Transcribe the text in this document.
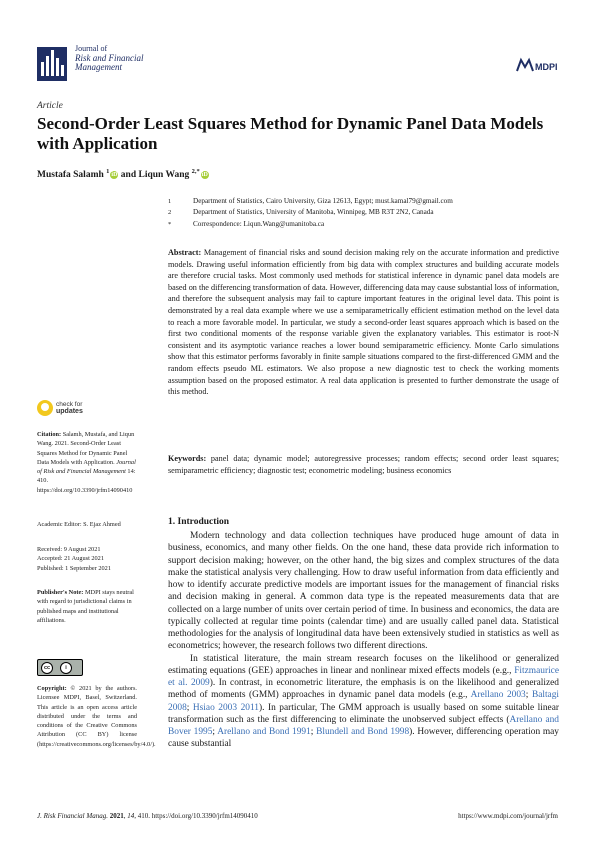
Journal of
Risk and Financial
Management	MDPI
Article
Second-Order Least Squares Method for Dynamic Panel Data Models with Application
Mustafa Salamh $^1$ iD and Liqun Wang $^{2,*}$ iD
1	Department of Statistics, Cairo University, Giza 12613, Egypt; must.kamal79@gmail.com
2	Department of Statistics, University of Manitoba, Winnipeg, MB R3T 2N2, Canada
*	Correspondence: Liqun.Wang@umanitoba.ca
Abstract: Management of financial risks and sound decision making rely on the accurate information and predictive models. Drawing useful information efficiently from big data with complex structures and building accurate models are therefore crucial tasks. Most commonly used methods for statistical inference in dynamic panel data models are based on the differencing transformation of data. However, differencing data may cause substantial loss of information, and therefore the subsequent analysis may fail to capture important features in the original level data. This point is demonstrated by a real data example where we use a semiparametrically efficient estimation method on the level data to reach a more favorable model. In particular, we study a second-order least squares approach which is based on the first two conditional moments of the response variable given the explanatory variables. This estimator is root-N consistent and its asymptotic variance reaches a lower bound semiparametric efficiency. Monte Carlo simulations show that this estimator performs favorably in finite sample situations compared to the first-differenced GMM and the random effects pseudo ML estimators. We also propose a new diagnostic test to check the working moments assumption based on the proposed estimator. A real data application is presented to further demonstrate the usage of this method.
Keywords: panel data; dynamic model; autoregressive processes; random effects; second order least squares; semiparametric efficiency; diagnostic test; econometric modeling; business economics
1. Introduction

Modern technology and data collection techniques have produced huge amount of data in business, economics, and many other fields. On the one hand, these data provide rich information to support decision making; however, on the other hand, the big sizes and complex structures of the data make the statistical analysis very challenging. How to draw useful information from data efficiently and how to identify accurate predictive models are important issues for the management of financial risks and decision making in general. A common data type is the repeated measurements data that are collected on a large number of units over certain period of time. In business and economics, the data are typically collected at regular time points (calendar time) and are usually called panel data. Statistical methodologies for the analysis of longitudinal data have been extensively studied in statistics as well as econometrics; however, the research follows two different directions.

In statistical literature, the main stream research focuses on the likelihood or generalized estimating equations (GEE) approaches in linear and nonlinear mixed effects models (e.g., Fitzmaurice et al. 2009). In contrast, in econometric literature, the emphasis is on the likelihood and generalized method of moments (GMM) approaches in dynamic panel data models (e.g., Arellano 2003; Baltagi 2008; Hsiao 2003 2011). In particular, The GMM approach is usually based on some suitable linear transformation such as the first differencing to eliminate the unobserved subject effects (Arellano and Bover 1995; Arellano and Bond 1991; Blundell and Bond 1998). However, differencing operation may cause substantial

check for
updates
Citation: Salamh, Mustafa, and Liqun Wang. 2021. Second-Order Least Squares Method for Dynamic Panel Data Models with Application. Journal of Risk and Financial Management 14: 410. https://doi.org/10.3390/jrfm14090410
Academic Editor: S. Ejaz Ahmed
Received: 9 August 2021
Accepted: 21 August 2021
Published: 1 September 2021
Publisher's Note: MDPI stays neutral with regard to jurisdictional claims in published maps and institutional affiliations.
cc	i
Copyright: © 2021 by the authors. Licensee MDPI, Basel, Switzerland. This article is an open access article distributed under the terms and conditions of the Creative Commons Attribution (CC BY) license (https://creativecommons.org/licenses/by/4.0/).
J. Risk Financial Manag. 2021, 14, 410. https://doi.org/10.3390/jrfm14090410	https://www.mdpi.com/journal/jrfm
